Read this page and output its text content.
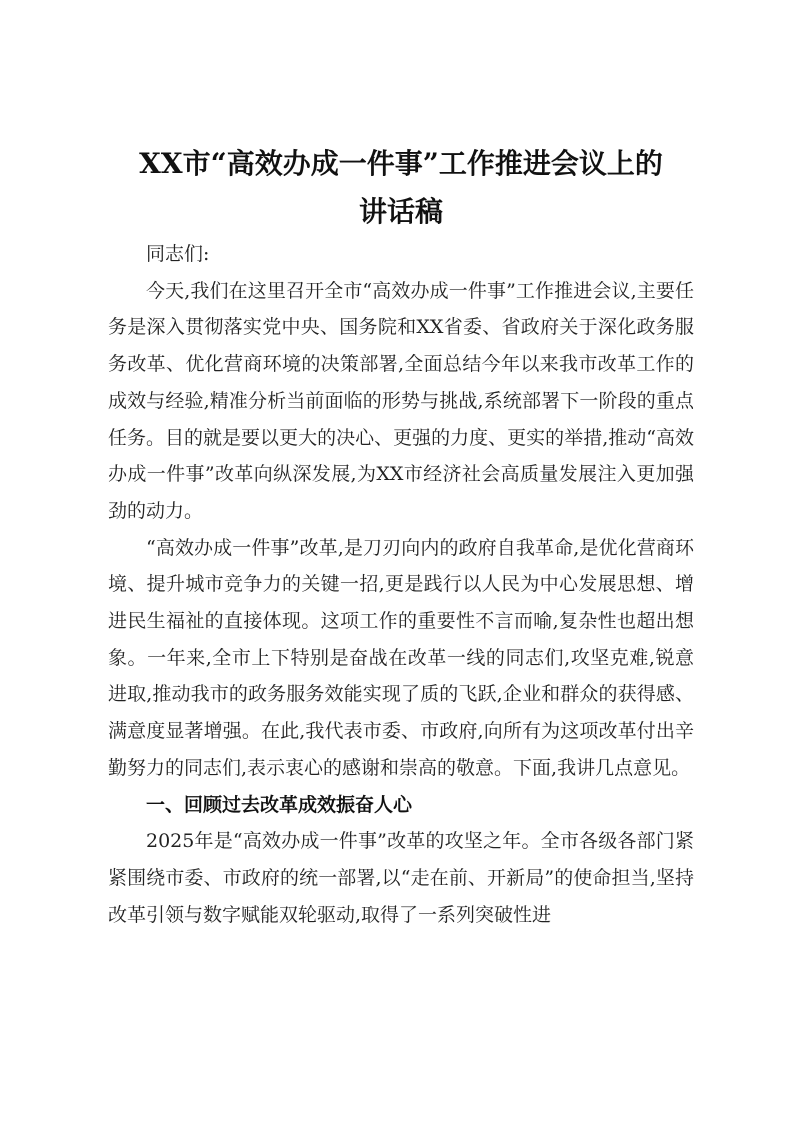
XX市“高效办成一件事”工作推进会议上的
讲话稿

同志们:

今天,我们在这里召开全市“高效办成一件事”工作推进会议,主要任务是深入贯彻落实党中央、国务院和XX省委、省政府关于深化政务服务改革、优化营商环境的决策部署,全面总结今年以来我市改革工作的成效与经验,精准分析当前面临的形势与挑战,系统部署下一阶段的重点任务。目的就是要以更大的决心、更强的力度、更实的举措,推动“高效办成一件事”改革向纵深发展,为XX市经济社会高质量发展注入更加强劲的动力。

“高效办成一件事”改革,是刀刃向内的政府自我革命,是优化营商环境、提升城市竞争力的关键一招,更是践行以人民为中心发展思想、增进民生福祉的直接体现。这项工作的重要性不言而喻,复杂性也超出想象。一年来,全市上下特别是奋战在改革一线的同志们,攻坚克难,锐意进取,推动我市的政务服务效能实现了质的飞跃,企业和群众的获得感、满意度显著增强。在此,我代表市委、市政府,向所有为这项改革付出辛勤努力的同志们,表示衷心的感谢和崇高的敬意。下面,我讲几点意见。

一、回顾过去改革成效振奋人心

2025年是“高效办成一件事”改革的攻坚之年。全市各级各部门紧紧围绕市委、市政府的统一部署,以“走在前、开新局”的使命担当,坚持改革引领与数字赋能双轮驱动,取得了一系列突破性进
